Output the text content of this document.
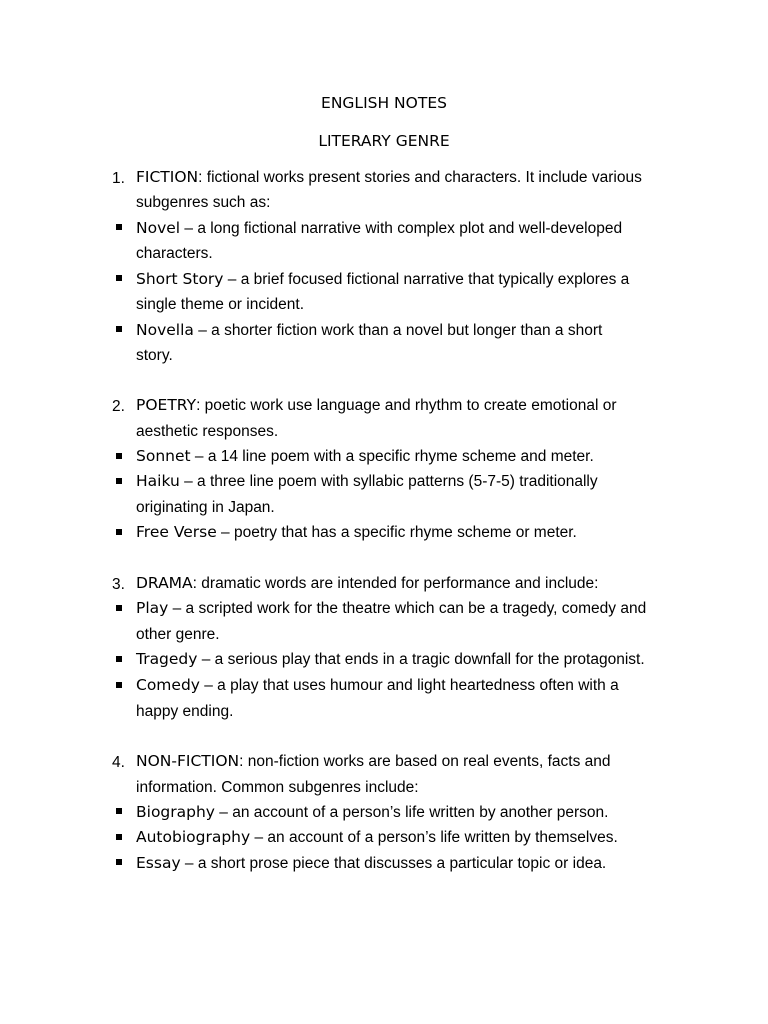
ENGLISH NOTES
LITERARY GENRE
1. FICTION: fictional works present stories and characters. It include various
subgenres such as:
Novel – a long fictional narrative with complex plot and well-developed
characters.
Short Story – a brief focused fictional narrative that typically explores a
single theme or incident.
Novella – a shorter fiction work than a novel but longer than a short
story.
2. POETRY: poetic work use language and rhythm to create emotional or
aesthetic responses.
Sonnet – a 14 line poem with a specific rhyme scheme and meter.
Haiku – a three line poem with syllabic patterns (5-7-5) traditionally
originating in Japan.
Free Verse – poetry that has a specific rhyme scheme or meter.
3. DRAMA: dramatic words are intended for performance and include:
Play – a scripted work for the theatre which can be a tragedy, comedy and
other genre.
Tragedy – a serious play that ends in a tragic downfall for the protagonist.
Comedy – a play that uses humour and light heartedness often with a
happy ending.
4. NON-FICTION: non-fiction works are based on real events, facts and
information. Common subgenres include:
Biography – an account of a person’s life written by another person.
Autobiography – an account of a person’s life written by themselves.
Essay – a short prose piece that discusses a particular topic or idea.
